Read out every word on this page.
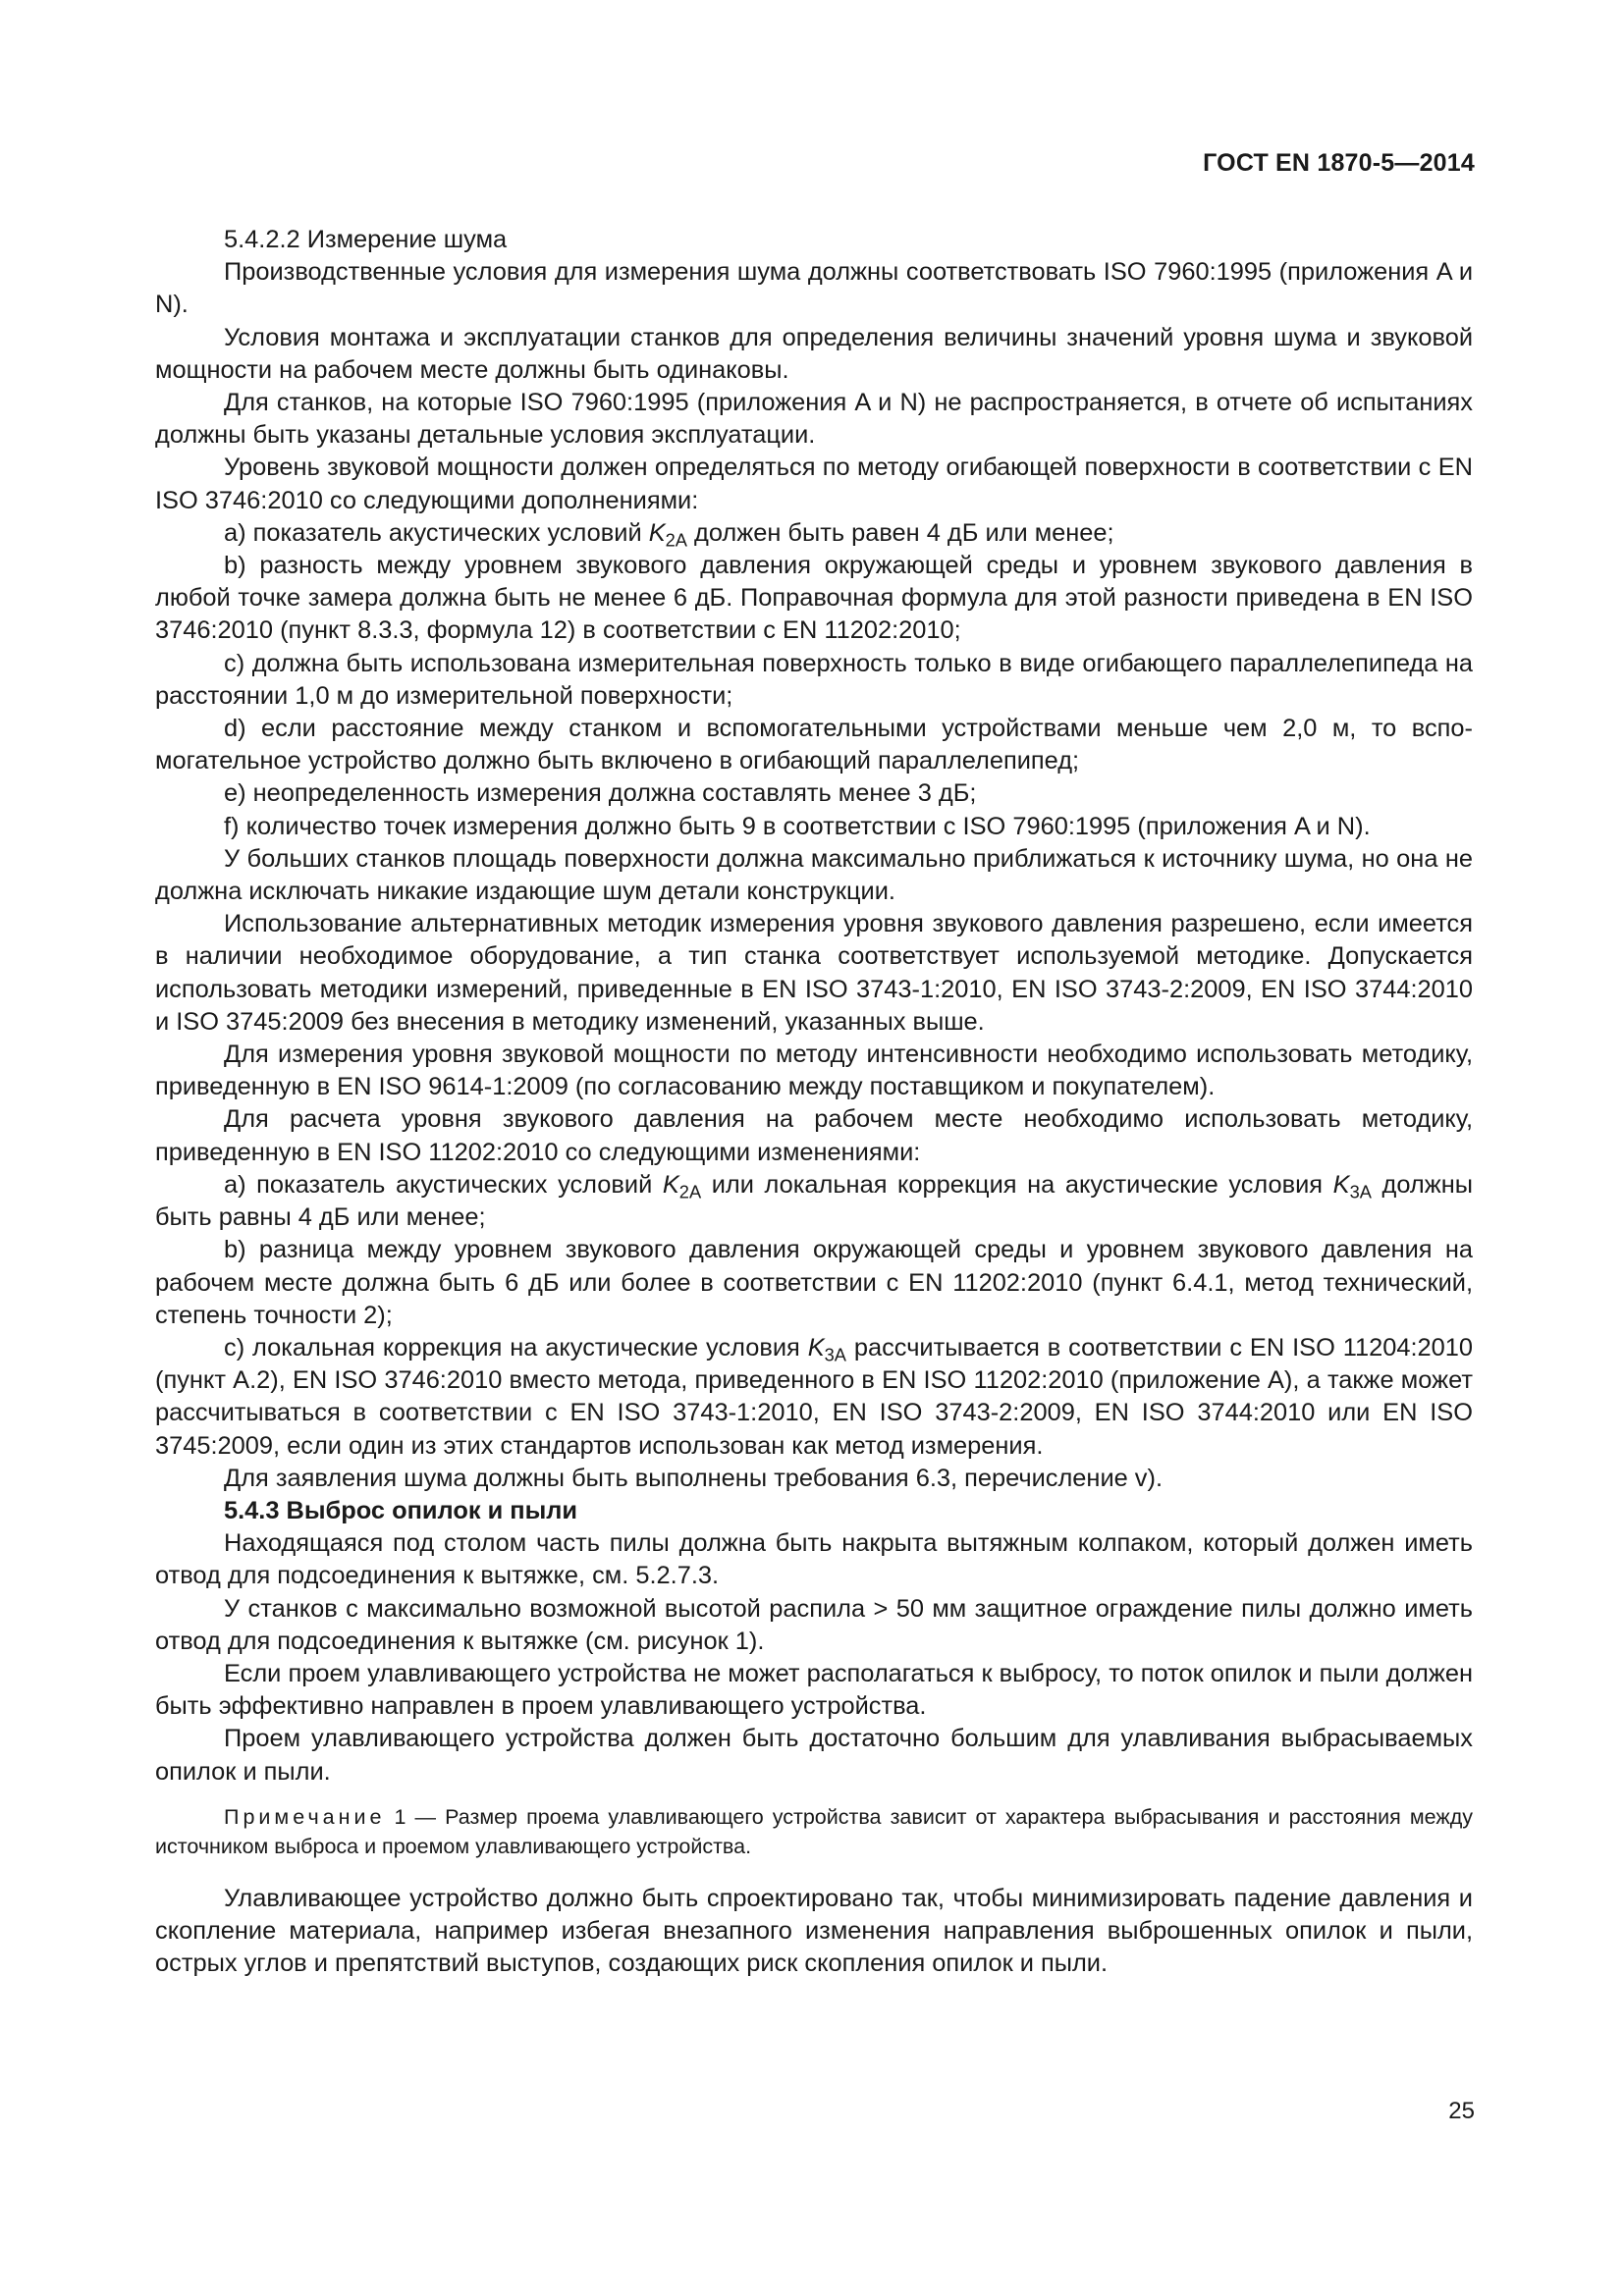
ГОСТ EN 1870-5—2014

5.4.2.2 Измерение шума

Производственные условия для измерения шума должны соответствовать ISO 7960:1995 (приложения A и N).

Условия монтажа и эксплуатации станков для определения величины значений уровня шума и звуковой мощности на рабочем месте должны быть одинаковы.

Для станков, на которые ISO 7960:1995 (приложения A и N) не распространяется, в отчете об испытаниях должны быть указаны детальные условия эксплуатации.

Уровень звуковой мощности должен определяться по методу огибающей поверхности в соответствии с EN ISO 3746:2010 со следующими дополнениями:

a) показатель акустических условий $K_{2A}$ должен быть равен 4 дБ или менее;

b) разность между уровнем звукового давления окружающей среды и уровнем звукового давления в любой точке замера должна быть не менее 6 дБ. Поправочная формула для этой разности приведена в EN ISO 3746:2010 (пункт 8.3.3, формула 12) в соответствии с EN 11202:2010;

c) должна быть использована измерительная поверхность только в виде огибающего параллелепипеда на расстоянии 1,0 м до измерительной поверхности;

d) если расстояние между станком и вспомогательными устройствами меньше чем 2,0 м, то вспомогательное устройство должно быть включено в огибающий параллелепипед;

e) неопределенность измерения должна составлять менее 3 дБ;

f) количество точек измерения должно быть 9 в соответствии с ISO 7960:1995 (приложения A и N).

У больших станков площадь поверхности должна максимально приближаться к источнику шума, но она не должна исключать никакие издающие шум детали конструкции.

Использование альтернативных методик измерения уровня звукового давления разрешено, если имеется в наличии необходимое оборудование, а тип станка соответствует используемой методике. Допускается использовать методики измерений, приведенные в EN ISO 3743-1:2010, EN ISO 3743-2:2009, EN ISO 3744:2010 и ISO 3745:2009 без внесения в методику изменений, указанных выше.

Для измерения уровня звуковой мощности по методу интенсивности необходимо использовать методику, приведенную в EN ISO 9614-1:2009 (по согласованию между поставщиком и покупателем).

Для расчета уровня звукового давления на рабочем месте необходимо использовать методику, приведенную в EN ISO 11202:2010 со следующими изменениями:

a) показатель акустических условий $K_{2A}$ или локальная коррекция на акустические условия $K_{3A}$ должны быть равны 4 дБ или менее;

b) разница между уровнем звукового давления окружающей среды и уровнем звукового давления на рабочем месте должна быть 6 дБ или более в соответствии с EN 11202:2010 (пункт 6.4.1, метод технический, степень точности 2);

c) локальная коррекция на акустические условия $K_{3A}$ рассчитывается в соответствии с EN ISO 11204:2010 (пункт A.2), EN ISO 3746:2010 вместо метода, приведенного в EN ISO 11202:2010 (приложение A), а также может рассчитываться в соответствии с EN ISO 3743-1:2010, EN ISO 3743-2:2009, EN ISO 3744:2010 или EN ISO 3745:2009, если один из этих стандартов использован как метод измерения.

Для заявления шума должны быть выполнены требования 6.3, перечисление v).

5.4.3 Выброс опилок и пыли

Находящаяся под столом часть пилы должна быть накрыта вытяжным колпаком, который должен иметь отвод для подсоединения к вытяжке, см. 5.2.7.3.

У станков с максимально возможной высотой распила > 50 мм защитное ограждение пилы должно иметь отвод для подсоединения к вытяжке (см. рисунок 1).

Если проем улавливающего устройства не может располагаться к выбросу, то поток опилок и пыли должен быть эффективно направлен в проем улавливающего устройства.

Проем улавливающего устройства должен быть достаточно большим для улавливания выбрасываемых опилок и пыли.

Примечание 1 — Размер проема улавливающего устройства зависит от характера выбрасывания и расстояния между источником выброса и проемом улавливающего устройства.

Улавливающее устройство должно быть спроектировано так, чтобы минимизировать падение давления и скопление материала, например избегая внезапного изменения направления выброшенных опилок и пыли, острых углов и препятствий выступов, создающих риск скопления опилок и пыли.

25
